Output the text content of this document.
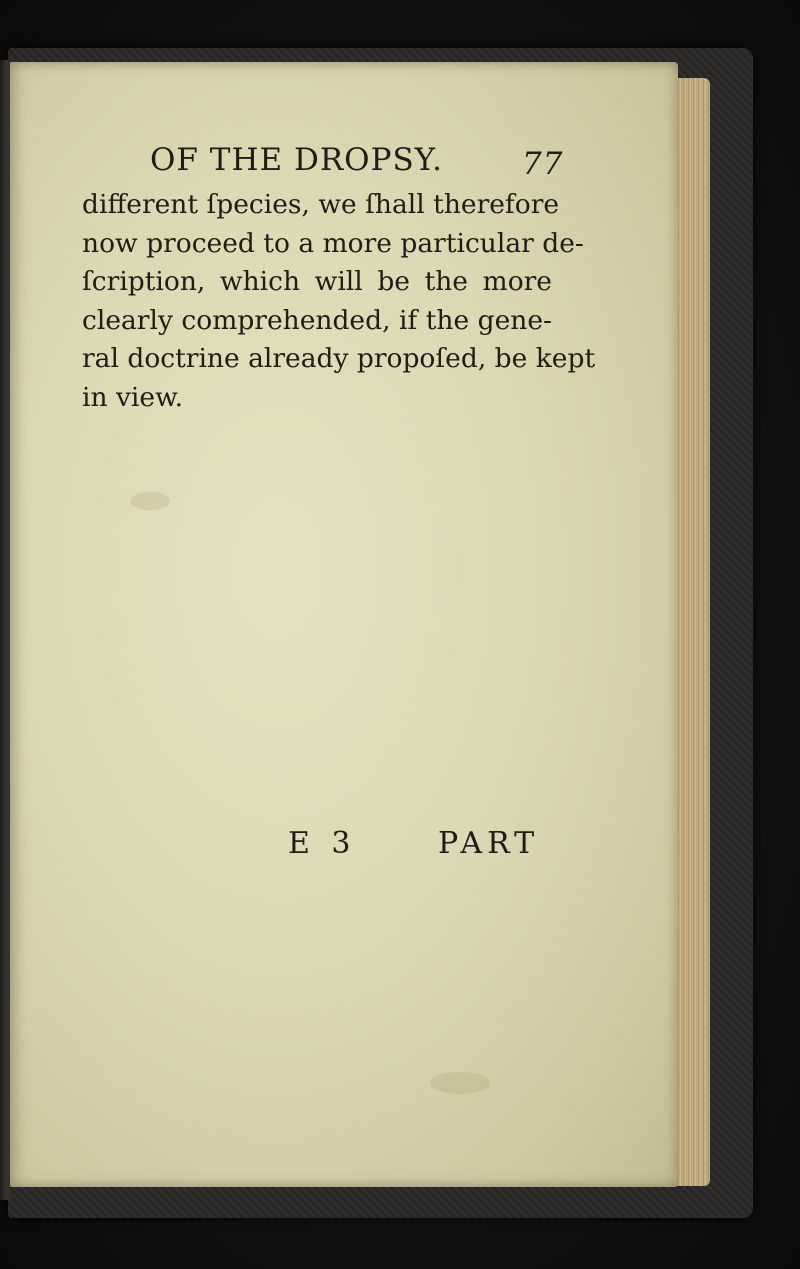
OF THE DROPSY.	77
different ſpecies, we ſhall therefore
now proceed to a more particular de-
ſcription, which will be the more
clearly comprehended, if the gene-
ral doctrine already propoſed, be kept
in view.
E 3	PART
